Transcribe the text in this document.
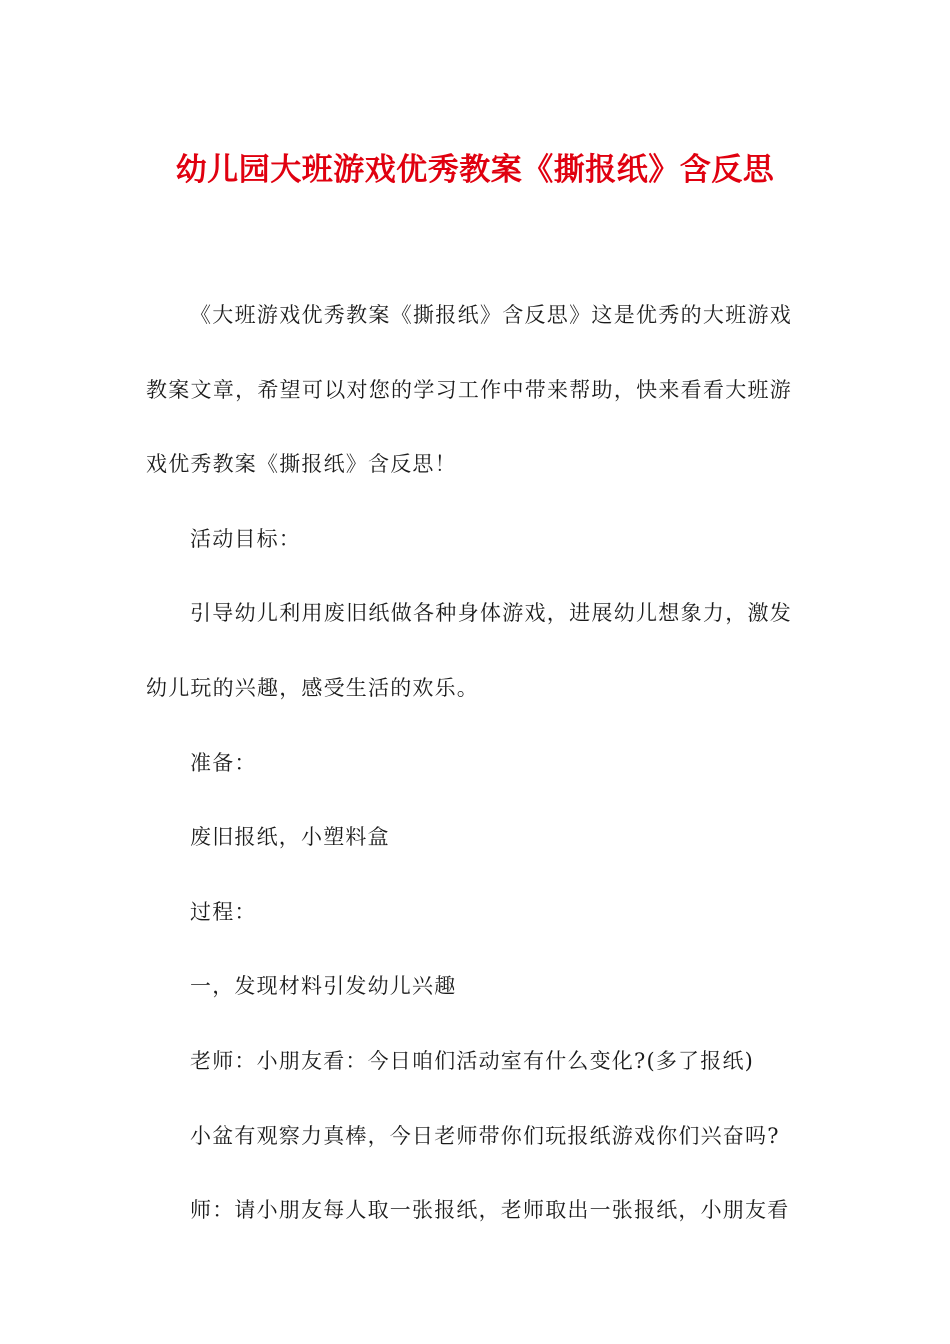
幼儿园大班游戏优秀教案《撕报纸》含反思

《大班游戏优秀教案《撕报纸》含反思》这是优秀的大班游戏教案文章，希望可以对您的学习工作中带来帮助，快来看看大班游戏优秀教案《撕报纸》含反思！

活动目标：

引导幼儿利用废旧纸做各种身体游戏，进展幼儿想象力，激发幼儿玩的兴趣，感受生活的欢乐。

准备：

废旧报纸，小塑料盒

过程：

一，发现材料引发幼儿兴趣

老师：小朋友看：今日咱们活动室有什么变化?(多了报纸)

小盆有观察力真棒，今日老师带你们玩报纸游戏你们兴奋吗?

师：请小朋友每人取一张报纸，老师取出一张报纸，小朋友看
